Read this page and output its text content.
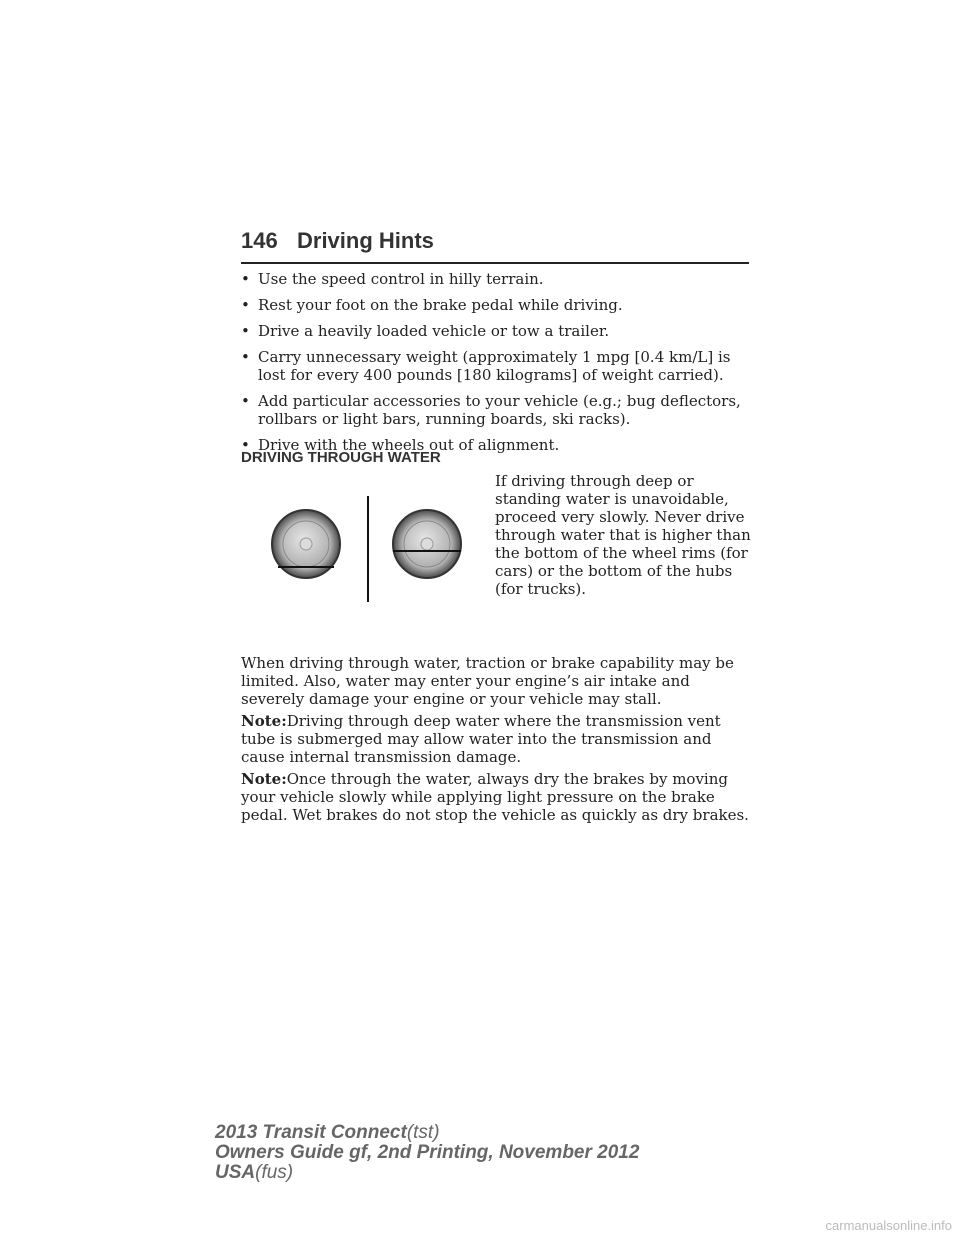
146 Driving Hints
• Use the speed control in hilly terrain.
• Rest your foot on the brake pedal while driving.
• Drive a heavily loaded vehicle or tow a trailer.
• Carry unnecessary weight (approximately 1 mpg [0.4 km/L] is lost for every 400 pounds [180 kilograms] of weight carried).
• Add particular accessories to your vehicle (e.g.; bug deflectors, rollbars or light bars, running boards, ski racks).
• Drive with the wheels out of alignment.
DRIVING THROUGH WATER

If driving through deep or standing water is unavoidable, proceed very slowly. Never drive through water that is higher than the bottom of the wheel rims (for cars) or the bottom of the hubs (for trucks).

When driving through water, traction or brake capability may be limited. Also, water may enter your engine’s air intake and severely damage your engine or your vehicle may stall.

Note:Driving through deep water where the transmission vent tube is submerged may allow water into the transmission and cause internal transmission damage.

Note:Once through the water, always dry the brakes by moving your vehicle slowly while applying light pressure on the brake pedal. Wet brakes do not stop the vehicle as quickly as dry brakes.

2013 Transit Connect(tst)
Owners Guide gf, 2nd Printing, November 2012
USA(fus)
carmanualsonline.info
